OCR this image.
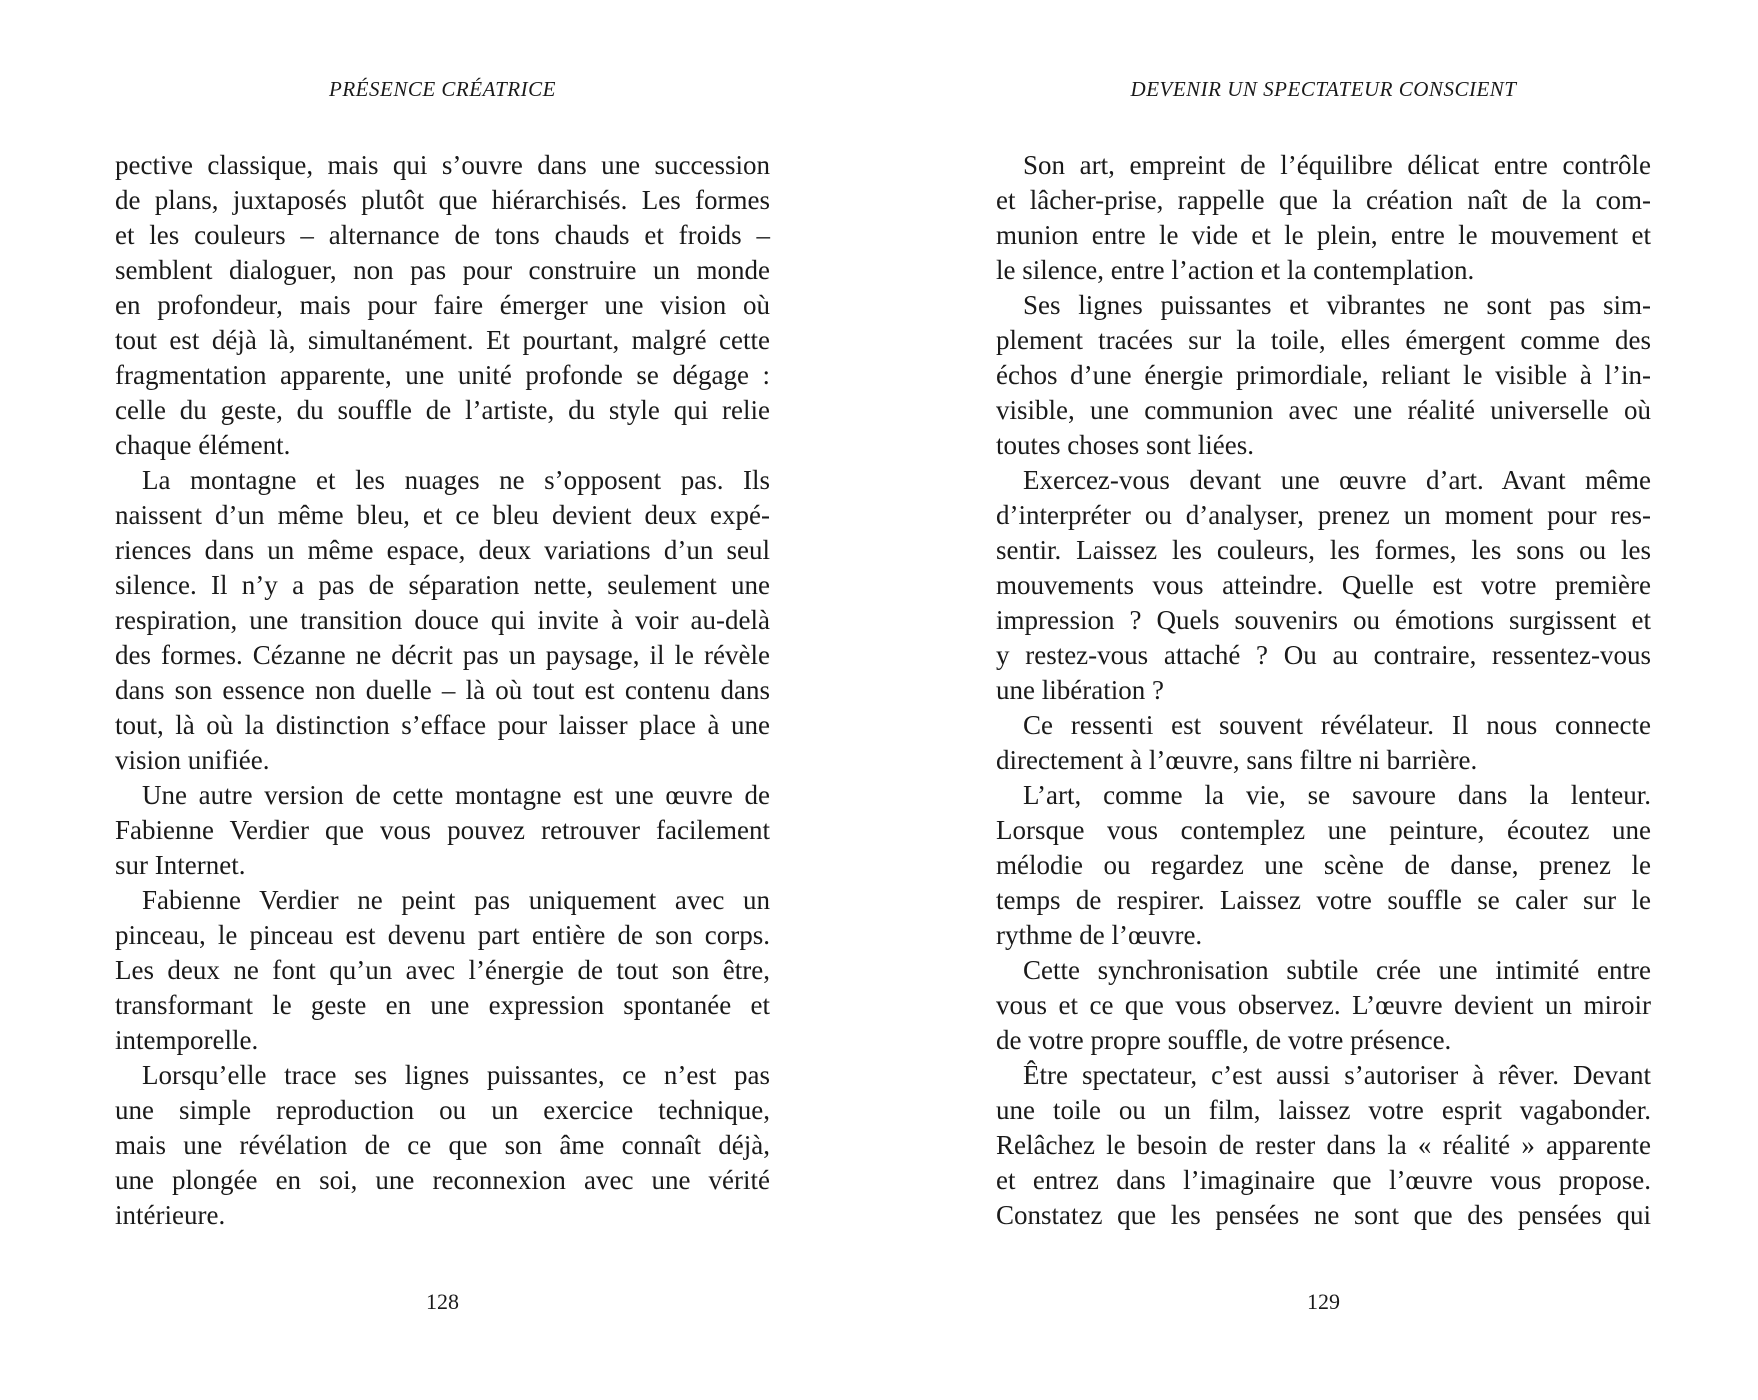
PRÉSENCE CRÉATRICE
pective classique, mais qui s’ouvre dans une succession
de plans, juxtaposés plutôt que hiérarchisés. Les formes
et les couleurs – alternance de tons chauds et froids –
semblent dialoguer, non pas pour construire un monde
en profondeur, mais pour faire émerger une vision où
tout est déjà là, simultanément. Et pourtant, malgré cette
fragmentation apparente, une unité profonde se dégage :
celle du geste, du souffle de l’artiste, du style qui relie
chaque élément.
La montagne et les nuages ne s’opposent pas. Ils
naissent d’un même bleu, et ce bleu devient deux expé-
riences dans un même espace, deux variations d’un seul
silence. Il n’y a pas de séparation nette, seulement une
respiration, une transition douce qui invite à voir au-delà
des formes. Cézanne ne décrit pas un paysage, il le révèle
dans son essence non duelle – là où tout est contenu dans
tout, là où la distinction s’efface pour laisser place à une
vision unifiée.
Une autre version de cette montagne est une œuvre de
Fabienne Verdier que vous pouvez retrouver facilement
sur Internet.
Fabienne Verdier ne peint pas uniquement avec un
pinceau, le pinceau est devenu part entière de son corps.
Les deux ne font qu’un avec l’énergie de tout son être,
transformant le geste en une expression spontanée et
intemporelle.
Lorsqu’elle trace ses lignes puissantes, ce n’est pas
une simple reproduction ou un exercice technique,
mais une révélation de ce que son âme connaît déjà,
une plongée en soi, une reconnexion avec une vérité
intérieure.
128
DEVENIR UN SPECTATEUR CONSCIENT
Son art, empreint de l’équilibre délicat entre contrôle
et lâcher-prise, rappelle que la création naît de la com-
munion entre le vide et le plein, entre le mouvement et
le silence, entre l’action et la contemplation.
Ses lignes puissantes et vibrantes ne sont pas sim-
plement tracées sur la toile, elles émergent comme des
échos d’une énergie primordiale, reliant le visible à l’in-
visible, une communion avec une réalité universelle où
toutes choses sont liées.
Exercez-vous devant une œuvre d’art. Avant même
d’interpréter ou d’analyser, prenez un moment pour res-
sentir. Laissez les couleurs, les formes, les sons ou les
mouvements vous atteindre. Quelle est votre première
impression ? Quels souvenirs ou émotions surgissent et
y restez-vous attaché ? Ou au contraire, ressentez-vous
une libération ?
Ce ressenti est souvent révélateur. Il nous connecte
directement à l’œuvre, sans filtre ni barrière.
L’art, comme la vie, se savoure dans la lenteur.
Lorsque vous contemplez une peinture, écoutez une
mélodie ou regardez une scène de danse, prenez le
temps de respirer. Laissez votre souffle se caler sur le
rythme de l’œuvre.
Cette synchronisation subtile crée une intimité entre
vous et ce que vous observez. L’œuvre devient un miroir
de votre propre souffle, de votre présence.
Être spectateur, c’est aussi s’autoriser à rêver. Devant
une toile ou un film, laissez votre esprit vagabonder.
Relâchez le besoin de rester dans la « réalité » apparente
et entrez dans l’imaginaire que l’œuvre vous propose.
Constatez que les pensées ne sont que des pensées qui
129
